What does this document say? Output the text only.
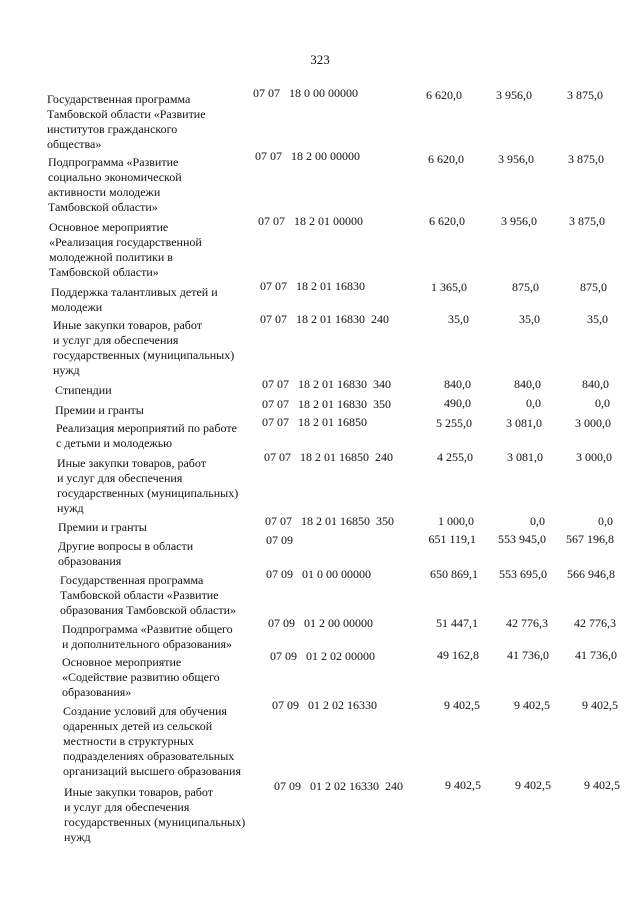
323
Государственная программа
Тамбовской области «Развитие
институтов гражданского
общества»
07 07   18 0 00 00000	6 620,0	3 956,0	3 875,0
Подпрограмма «Развитие
социально экономической
активности молодежи
Тамбовской области»
07 07   18 2 00 00000	6 620,0	3 956,0	3 875,0
Основное мероприятие
«Реализация государственной
молодежной политики в
Тамбовской области»
07 07   18 2 01 00000	6 620,0	3 956,0	3 875,0
Поддержка талантливых детей и
молодежи
07 07   18 2 01 16830	1 365,0	875,0	875,0
Иные закупки товаров, работ
и услуг для обеспечения
государственных (муниципальных)
нужд
07 07   18 2 01 16830  240	35,0	35,0	35,0
Стипендии	07 07   18 2 01 16830  340	840,0	840,0	840,0
Премии и гранты	07 07   18 2 01 16830  350	490,0	0,0	0,0
Реализация мероприятий по работе
с детьми и молодежью
07 07   18 2 01 16850	5 255,0	3 081,0	3 000,0
Иные закупки товаров, работ
и услуг для обеспечения
государственных (муниципальных)
нужд
07 07   18 2 01 16850  240	4 255,0	3 081,0	3 000,0
Премии и гранты	07 07   18 2 01 16850  350	1 000,0	0,0	0,0
Другие вопросы в области
образования
07 09	651 119,1	553 945,0	567 196,8
Государственная программа
Тамбовской области «Развитие
образования Тамбовской области»
07 09   01 0 00 00000	650 869,1	553 695,0	566 946,8
Подпрограмма «Развитие общего
и дополнительного образования»
07 09   01 2 00 00000	51 447,1	42 776,3	42 776,3
Основное мероприятие
«Содействие развитию общего
образования»
07 09   01 2 02 00000	49 162,8	41 736,0	41 736,0
Создание условий для обучения
одаренных детей из сельской
местности в структурных
подразделениях образовательных
организаций высшего образования
07 09   01 2 02 16330	9 402,5	9 402,5	9 402,5
Иные закупки товаров, работ
и услуг для обеспечения
государственных (муниципальных)
нужд
07 09   01 2 02 16330  240	9 402,5	9 402,5	9 402,5
